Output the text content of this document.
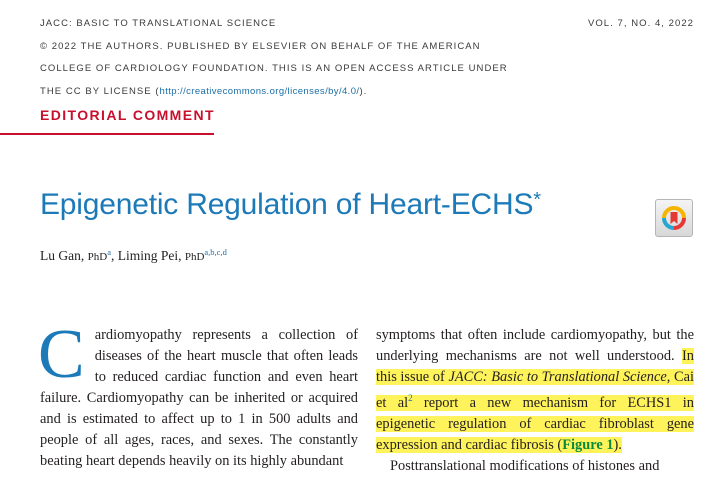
JACC: BASIC TO TRANSLATIONAL SCIENCE
© 2022 THE AUTHORS. PUBLISHED BY ELSEVIER ON BEHALF OF THE AMERICAN
COLLEGE OF CARDIOLOGY FOUNDATION. THIS IS AN OPEN ACCESS ARTICLE UNDER
THE CC BY LICENSE (http://creativecommons.org/licenses/by/4.0/).
VOL. 7, NO. 4, 2022
EDITORIAL COMMENT
Epigenetic Regulation of Heart-ECHS*
Lu Gan, PhD$^a$, Liming Pei, PhD$^{a,b,c,d}$

Cardiomyopathy represents a collection of diseases of the heart muscle that often leads to reduced cardiac function and even heart failure. Cardiomyopathy can be inherited or acquired and is estimated to affect up to 1 in 500 adults and people of all ages, races, and sexes. The constantly beating heart depends heavily on its highly abundant

symptoms that often include cardiomyopathy, but the underlying mechanisms are not well understood. In this issue of JACC: Basic to Translational Science, Cai et al$^2$ report a new mechanism for ECHS1 in epigenetic regulation of cardiac fibroblast gene expression and cardiac fibrosis (Figure 1).
Posttranslational modifications of histones and
